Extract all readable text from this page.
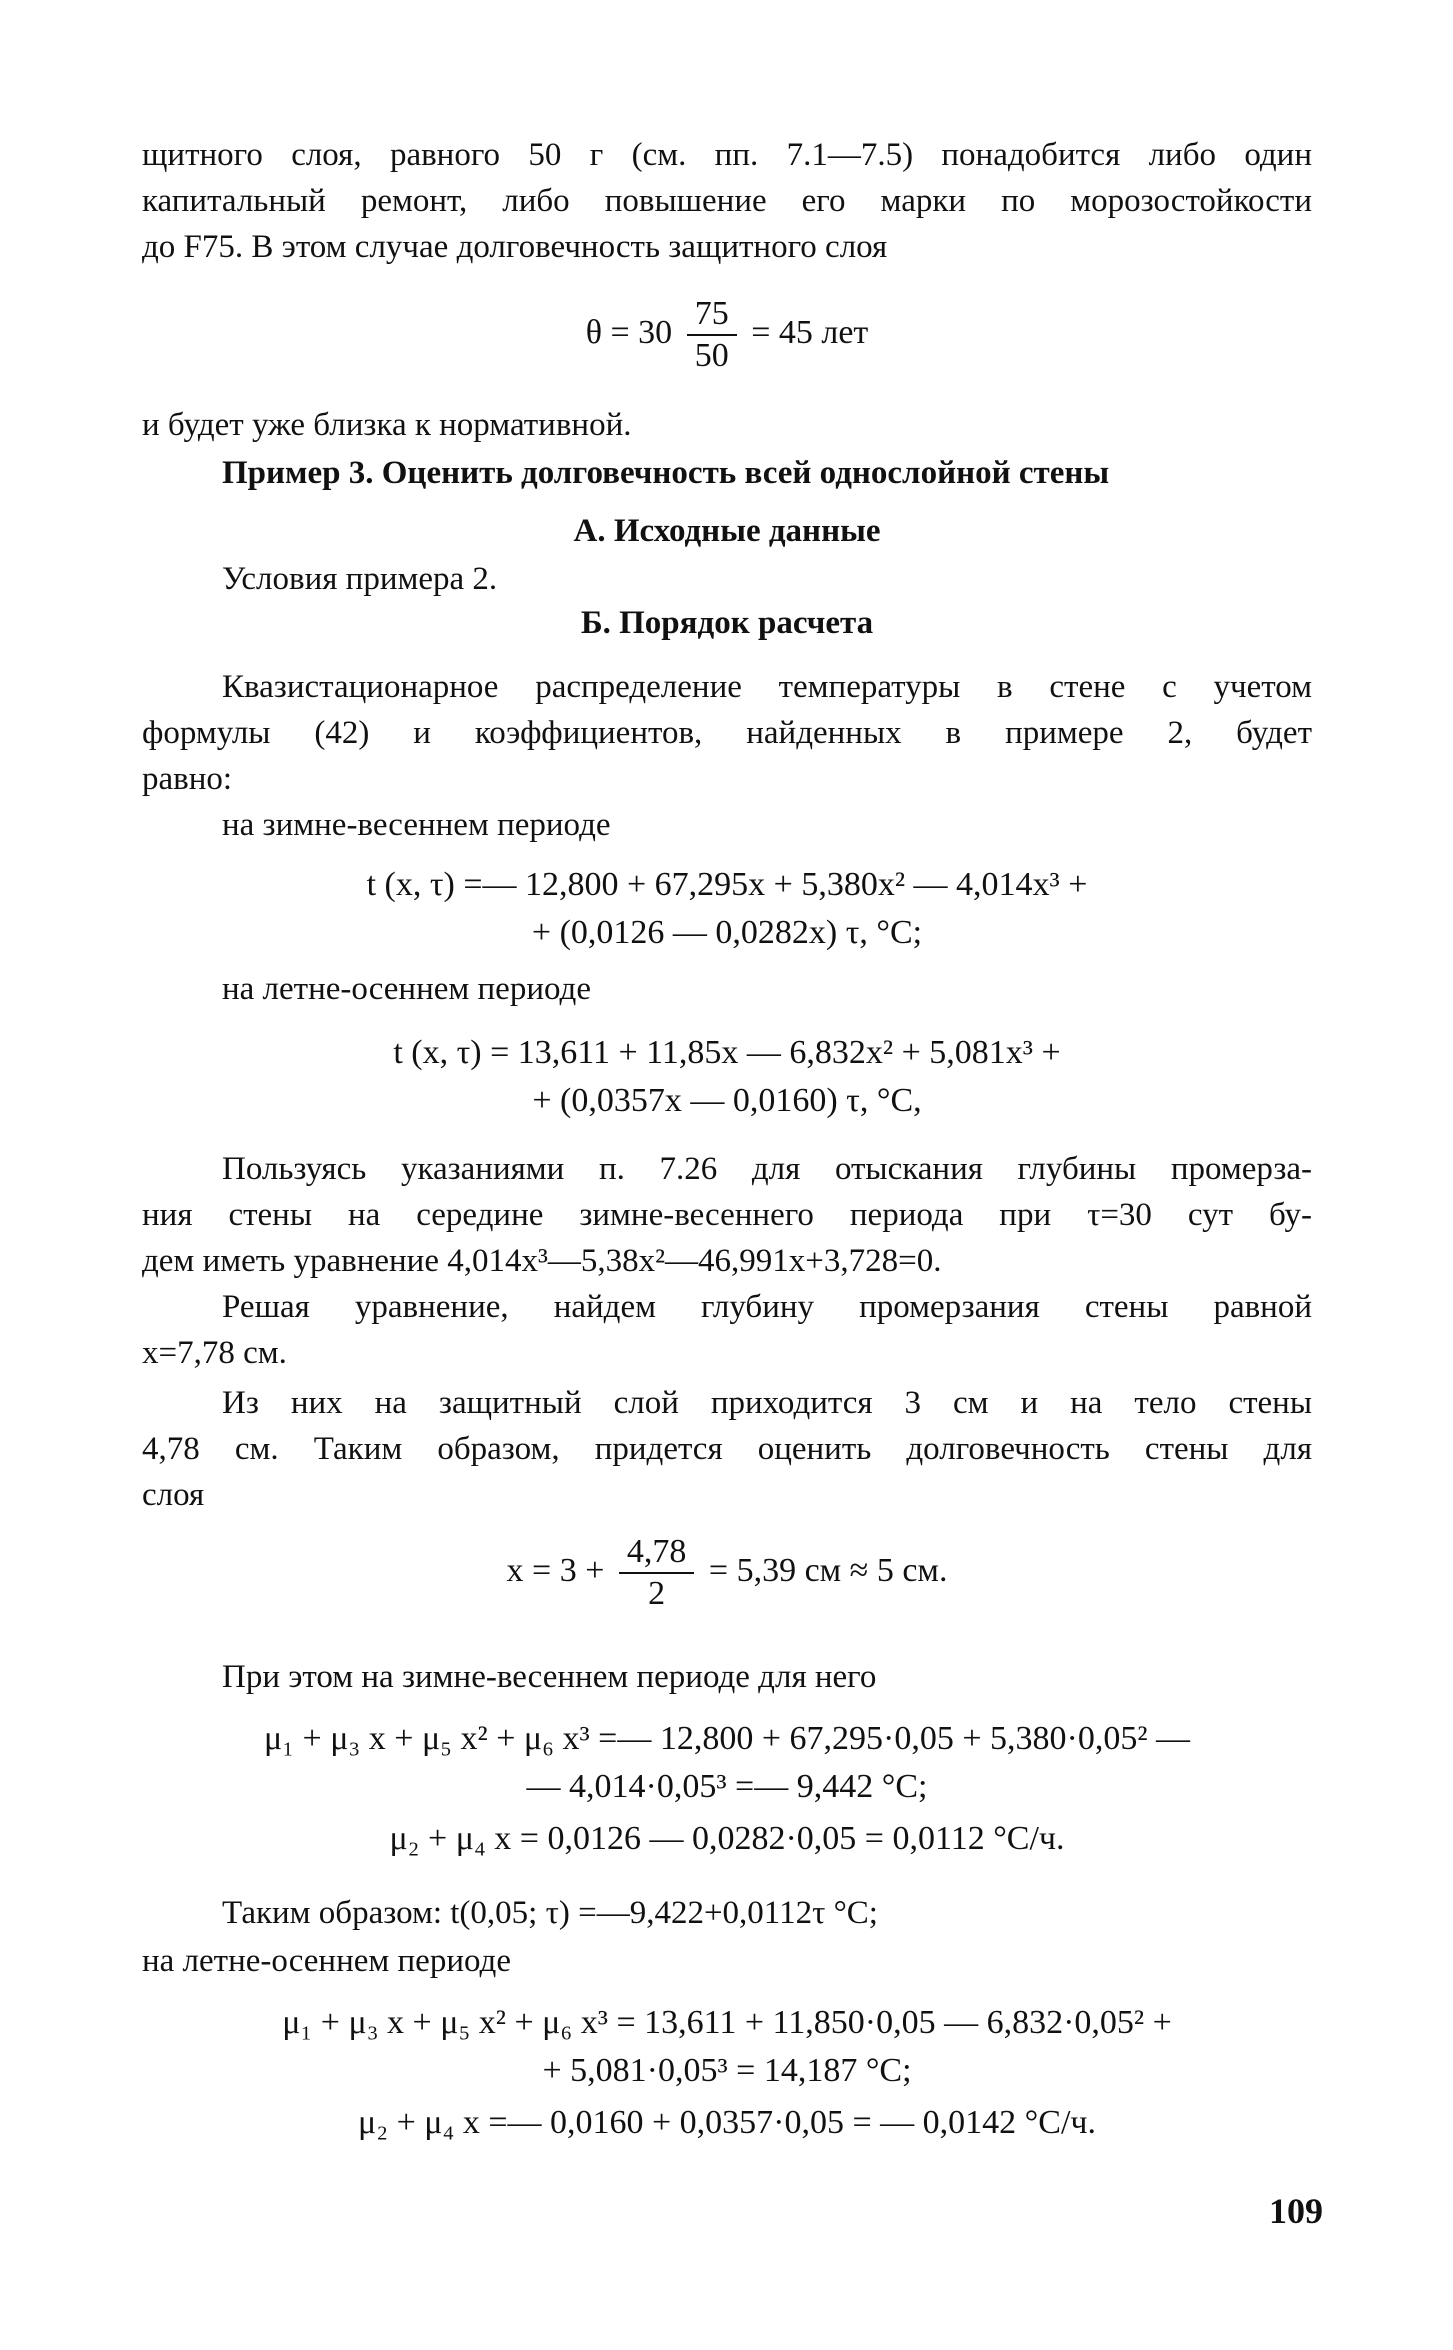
щитного слоя, равного 50 г (см. пп. 7.1—7.5) понадобится либо один
капитальный ремонт, либо повышение его марки по морозостойкости
до F75. В этом случае долговечность защитного слоя
$\theta = 30 \frac{75}{50} = 45$ лет
и будет уже близка к нормативной.
Пример 3. Оценить долговечность всей однослойной стены
А. Исходные данные
Условия примера 2.
Б. Порядок расчета
Квазистационарное распределение температуры в стене с учетом
формулы (42) и коэффициентов, найденных в примере 2, будет
равно:
на зимне-весеннем периоде
t (x, τ) =— 12,800 + 67,295x + 5,380x² — 4,014x³ +
+ (0,0126 — 0,0282x) τ, °C;
на летне-осеннем периоде
t (x, τ) = 13,611 + 11,85x — 6,832x² + 5,081x³ +
+ (0,0357x — 0,0160) τ, °C,
Пользуясь указаниями п. 7.26 для отыскания глубины промерза-
ния стены на середине зимне-весеннего периода при τ=30 сут бу-
дем иметь уравнение 4,014x³—5,38x²—46,991x+3,728=0.
Решая уравнение, найдем глубину промерзания стены равной
x=7,78 см.
Из них на защитный слой приходится 3 см и на тело стены
4,78 см. Таким образом, придется оценить долговечность стены для
слоя
$x = 3 + \frac{4,78}{2} = 5,39$ см ≈ 5 см.
При этом на зимне-весеннем периоде для него
μ₁ + μ₃ x + μ₅ x² + μ₆ x³ =— 12,800 + 67,295·0,05 + 5,380·0,05² —
— 4,014·0,05³ =— 9,442 °C;
μ₂ + μ₄ x = 0,0126 — 0,0282·0,05 = 0,0112 °C/ч.
Таким образом: t(0,05; τ) =—9,422+0,0112τ °C;
на летне-осеннем периоде
μ₁ + μ₃ x + μ₅ x² + μ₆ x³ = 13,611 + 11,850·0,05 — 6,832·0,05² +
+ 5,081·0,05³ = 14,187 °C;
μ₂ + μ₄ x =— 0,0160 + 0,0357·0,05 = — 0,0142 °C/ч.
109
